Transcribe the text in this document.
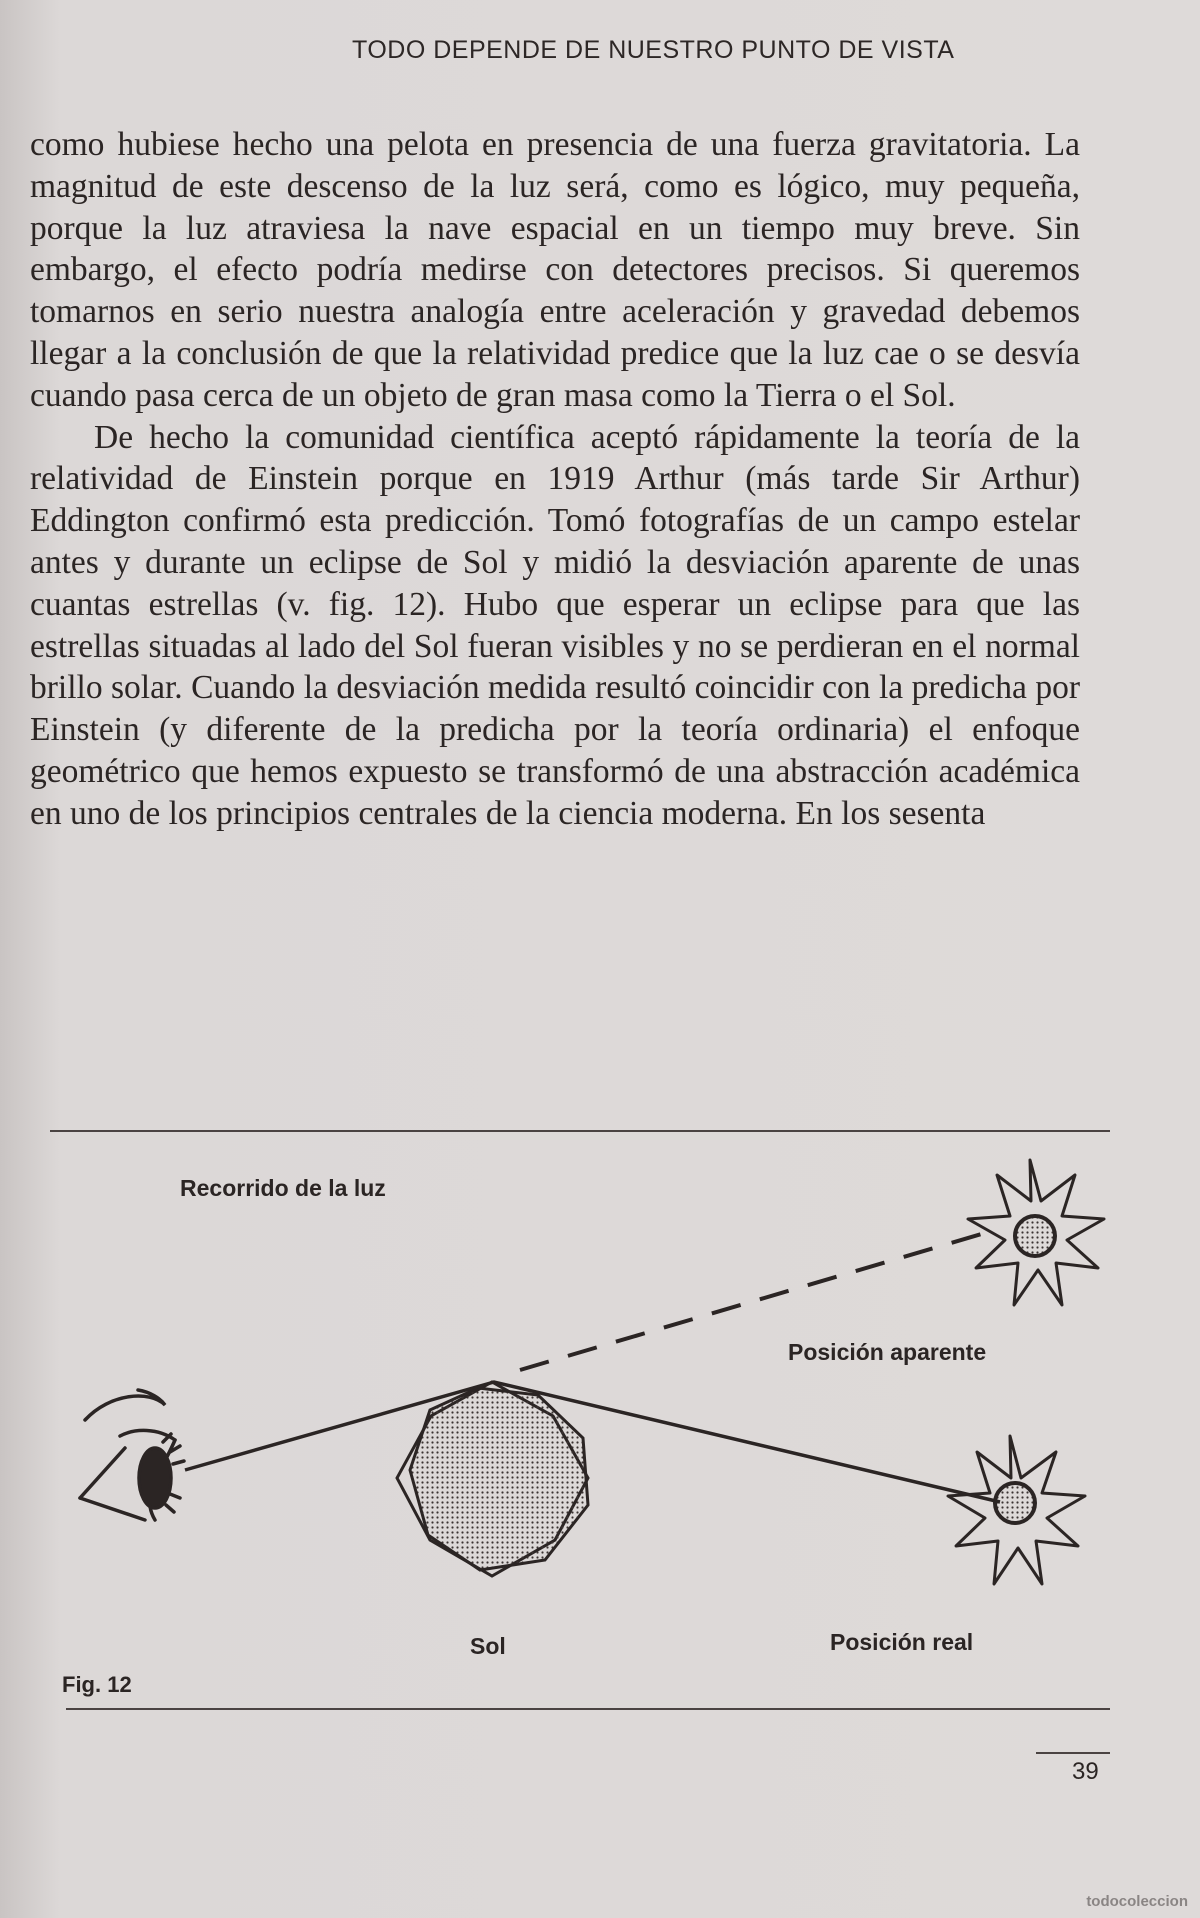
TODO DEPENDE DE NUESTRO PUNTO DE VISTA

como hubiese hecho una pelota en presencia de una fuerza gravitatoria. La magnitud de este descenso de la luz será, como es lógico, muy pequeña, porque la luz atraviesa la nave espacial en un tiempo muy breve. Sin embargo, el efecto podría medirse con detectores precisos. Si queremos tomarnos en serio nuestra analogía entre aceleración y gravedad debemos llegar a la conclusión de que la relatividad predice que la luz cae o se desvía cuando pasa cerca de un objeto de gran masa como la Tierra o el Sol.

De hecho la comunidad científica aceptó rápidamente la teoría de la relatividad de Einstein porque en 1919 Arthur (más tarde Sir Arthur) Eddington confirmó esta predicción. Tomó fotografías de un campo estelar antes y durante un eclipse de Sol y midió la desviación aparente de unas cuantas estrellas (v. fig. 12). Hubo que esperar un eclipse para que las estrellas situadas al lado del Sol fueran visibles y no se perdieran en el normal brillo solar. Cuando la desviación medida resultó coincidir con la predicha por Einstein (y diferente de la predicha por la teoría ordinaria) el enfoque geométrico que hemos expuesto se transformó de una abstracción académica en uno de los principios centrales de la ciencia moderna. En los sesenta

Recorrido de la luz
Posición aparente
Sol	Posición real
Fig. 12
39
todocoleccion
